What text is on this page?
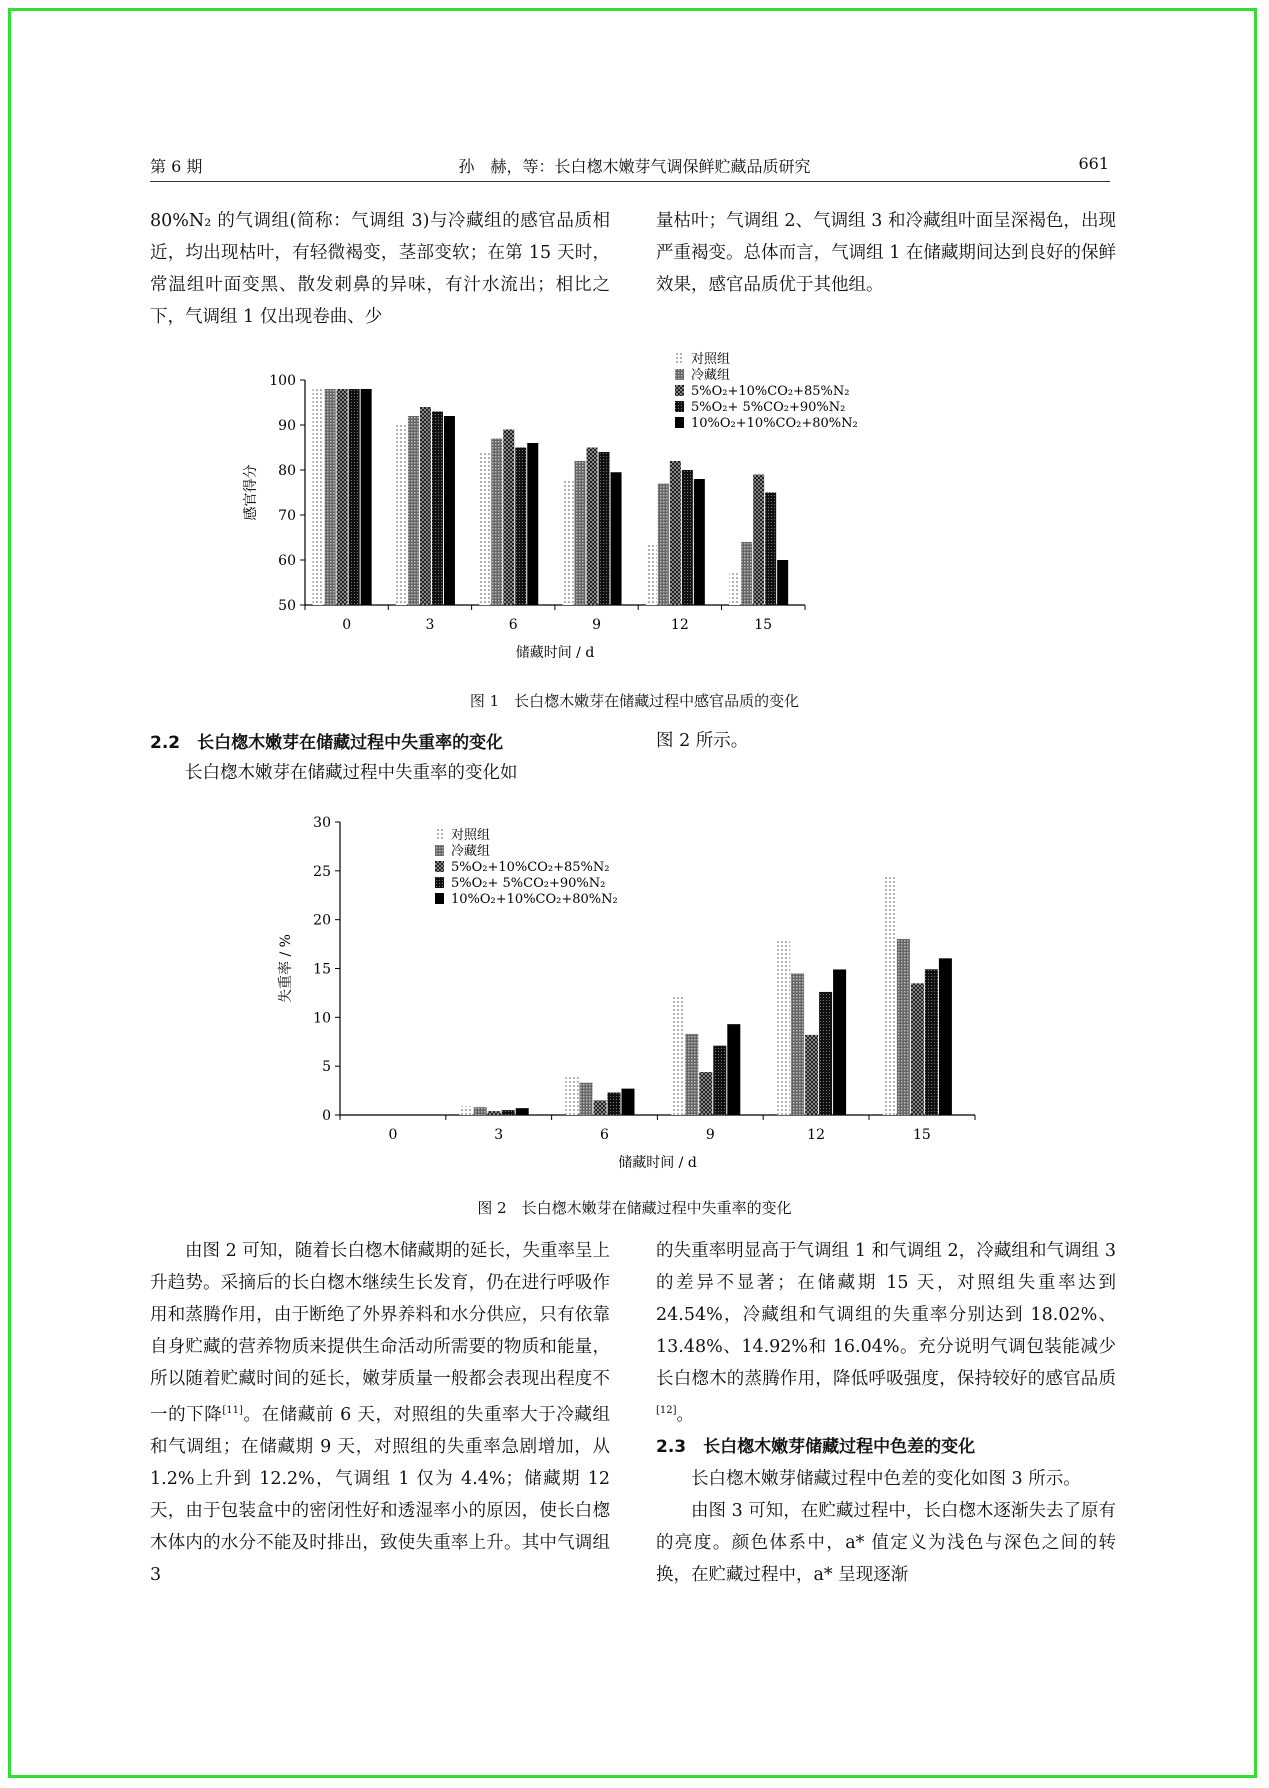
第 6 期	孙　赫，等：长白楤木嫩芽气调保鲜贮藏品质研究	661

80%N₂ 的气调组(简称：气调组 3)与冷藏组的感官品质相近，均出现枯叶，有轻微褐变，茎部变软；在第 15 天时，常温组叶面变黑、散发刺鼻的异味，有汁水流出；相比之下，气调组 1 仅出现卷曲、少

量枯叶；气调组 2、气调组 3 和冷藏组叶面呈深褐色，出现严重褐变。总体而言，气调组 1 在储藏期间达到良好的保鲜效果，感官品质优于其他组。

50
60
70
80
90
100
0	3	6	9	12	15
储藏时间 / d
感官得分
对照组
冷藏组
5%O₂+10%CO₂+85%N₂
5%O₂+ 5%CO₂+90%N₂
10%O₂+10%CO₂+80%N₂
图 1　长白楤木嫩芽在储藏过程中感官品质的变化
2.2　长白楤木嫩芽在储藏过程中失重率的变化
长白楤木嫩芽在储藏过程中失重率的变化如
图 2 所示。
0
5
10
15
20
25
30
0	3	6	9	12	15
储藏时间 / d
失重率 / %
对照组
冷藏组
5%O₂+10%CO₂+85%N₂
5%O₂+ 5%CO₂+90%N₂
10%O₂+10%CO₂+80%N₂
图 2　长白楤木嫩芽在储藏过程中失重率的变化

由图 2 可知，随着长白楤木储藏期的延长，失重率呈上升趋势。采摘后的长白楤木继续生长发育，仍在进行呼吸作用和蒸腾作用，由于断绝了外界养料和水分供应，只有依靠自身贮藏的营养物质来提供生命活动所需要的物质和能量，所以随着贮藏时间的延长，嫩芽质量一般都会表现出程度不一的下降[11]。在储藏前 6 天，对照组的失重率大于冷藏组和气调组；在储藏期 9 天，对照组的失重率急剧增加，从 1.2%上升到 12.2%，气调组 1 仅为 4.4%；储藏期 12 天，由于包装盒中的密闭性好和透湿率小的原因，使长白楤木体内的水分不能及时排出，致使失重率上升。其中气调组 3

的失重率明显高于气调组 1 和气调组 2，冷藏组和气调组 3 的差异不显著；在储藏期 15 天，对照组失重率达到 24.54%，冷藏组和气调组的失重率分别达到 18.02%、13.48%、14.92%和 16.04%。充分说明气调包装能减少长白楤木的蒸腾作用，降低呼吸强度，保持较好的感官品质[12]。

2.3　长白楤木嫩芽储藏过程中色差的变化

长白楤木嫩芽储藏过程中色差的变化如图 3 所示。

由图 3 可知，在贮藏过程中，长白楤木逐渐失去了原有的亮度。颜色体系中，a* 值定义为浅色与深色之间的转换，在贮藏过程中，a* 呈现逐渐
